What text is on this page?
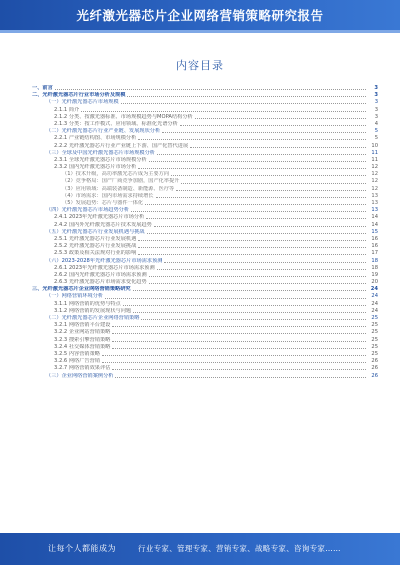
光纤激光器芯片企业网络营销策略研究报告
内容目录
一、前言	3
二、光纤激光器芯片行业市场分析及规模	3
（一）光纤激光器芯片市场规模	3
2.1.1 简介	3
2.1.2 分类、按激光器标准、市场规模趋势与MOPA结构分析	3
2.1.3 分类：按工作模式、应用领域、标准化光谱分析	4
（二）光纤激光器芯片行业产业链、发展现状分析	5
2.2.1 产业链结构图、市场规模分析	5
2.2.2 光纤激光器芯片行业产业链上下游、国产化替代进展	10
（三）全球及中国光纤激光器芯片市场规模分析	11
2.3.1 全球光纤激光器芯片市场规模分析	11
2.3.2 国内光纤激光器芯片市场分析	12
（1）技术升级，高功率激光芯片成为主要方向	12
（2）竞争格局：国产厂商竞争加剧，国产化率提升	12
（3）应用领域：高端装备制造、新能源、医疗等	12
（4）市场需求：国内市场需求持续增长	13
（5）发展趋势：芯片与器件一体化	13
（四）光纤激光器芯片市场趋势分析	13
2.4.1 2023年光纤激光器芯片市场分析	14
2.4.2 国内外光纤激光器芯片技术发展趋势	14
（五）光纤激光器芯片行业发展机遇与挑战	15
2.5.1 光纤激光器芯片行业发展机遇	16
2.5.2 光纤激光器芯片行业发展挑战	16
2.5.3 政策及相关法规对行业的影响	17
（六）2023-2028年光纤激光器芯片市场需求预测	18
2.6.1 2023年光纤激光器芯片市场需求预测	18
2.6.2 国内光纤激光器芯片市场需求预测	19
2.6.3 光纤激光器芯片市场需求变化趋势	20
三、光纤激光器芯片企业网络营销策略研究	24
（一）网络营销环境分析	24
3.1.1 网络营销的优势与特点	24
3.1.2 网络营销的发展现状与问题	24
（二）光纤激光器芯片企业网络营销策略	25
3.2.1 网络营销平台建设	25
3.2.2 企业网站营销策略	25
3.2.3 搜索引擎营销策略	25
3.2.4 社交媒体营销策略	25
3.2.5 内容营销策略	25
3.2.6 网络广告营销	26
3.2.7 网络营销效果评估	26
（三）企业网络营销案例分析	26
让每个人都能成为	行业专家、管理专家、营销专家、战略专家、咨询专家……
